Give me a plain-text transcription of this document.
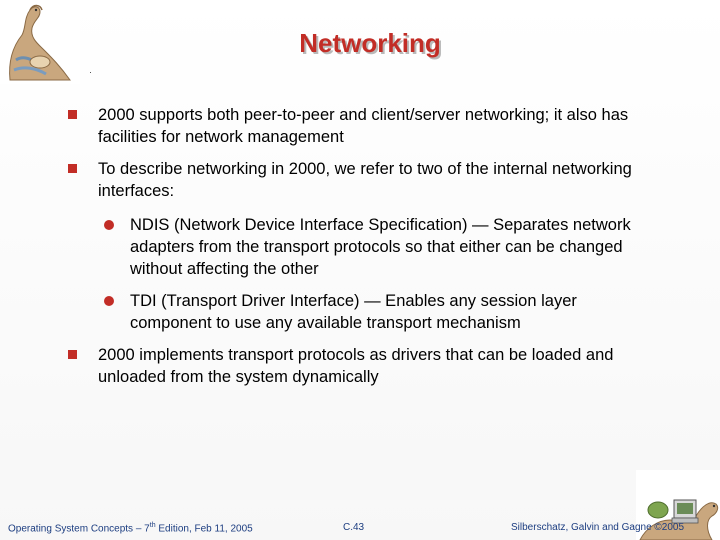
Networking
2000 supports both peer-to-peer and client/server networking; it also has facilities for network management
To describe networking in 2000, we refer to two of the internal networking interfaces:
NDIS (Network Device Interface Specification) — Separates network adapters from the transport protocols so that either can be changed without affecting the other
TDI (Transport Driver Interface) — Enables any session layer component to use any available transport mechanism
2000 implements transport protocols as drivers that can be loaded and unloaded from the system dynamically
Operating System Concepts – 7th Edition, Feb 11, 2005	C.43	Silberschatz, Galvin and Gagne ©2005
